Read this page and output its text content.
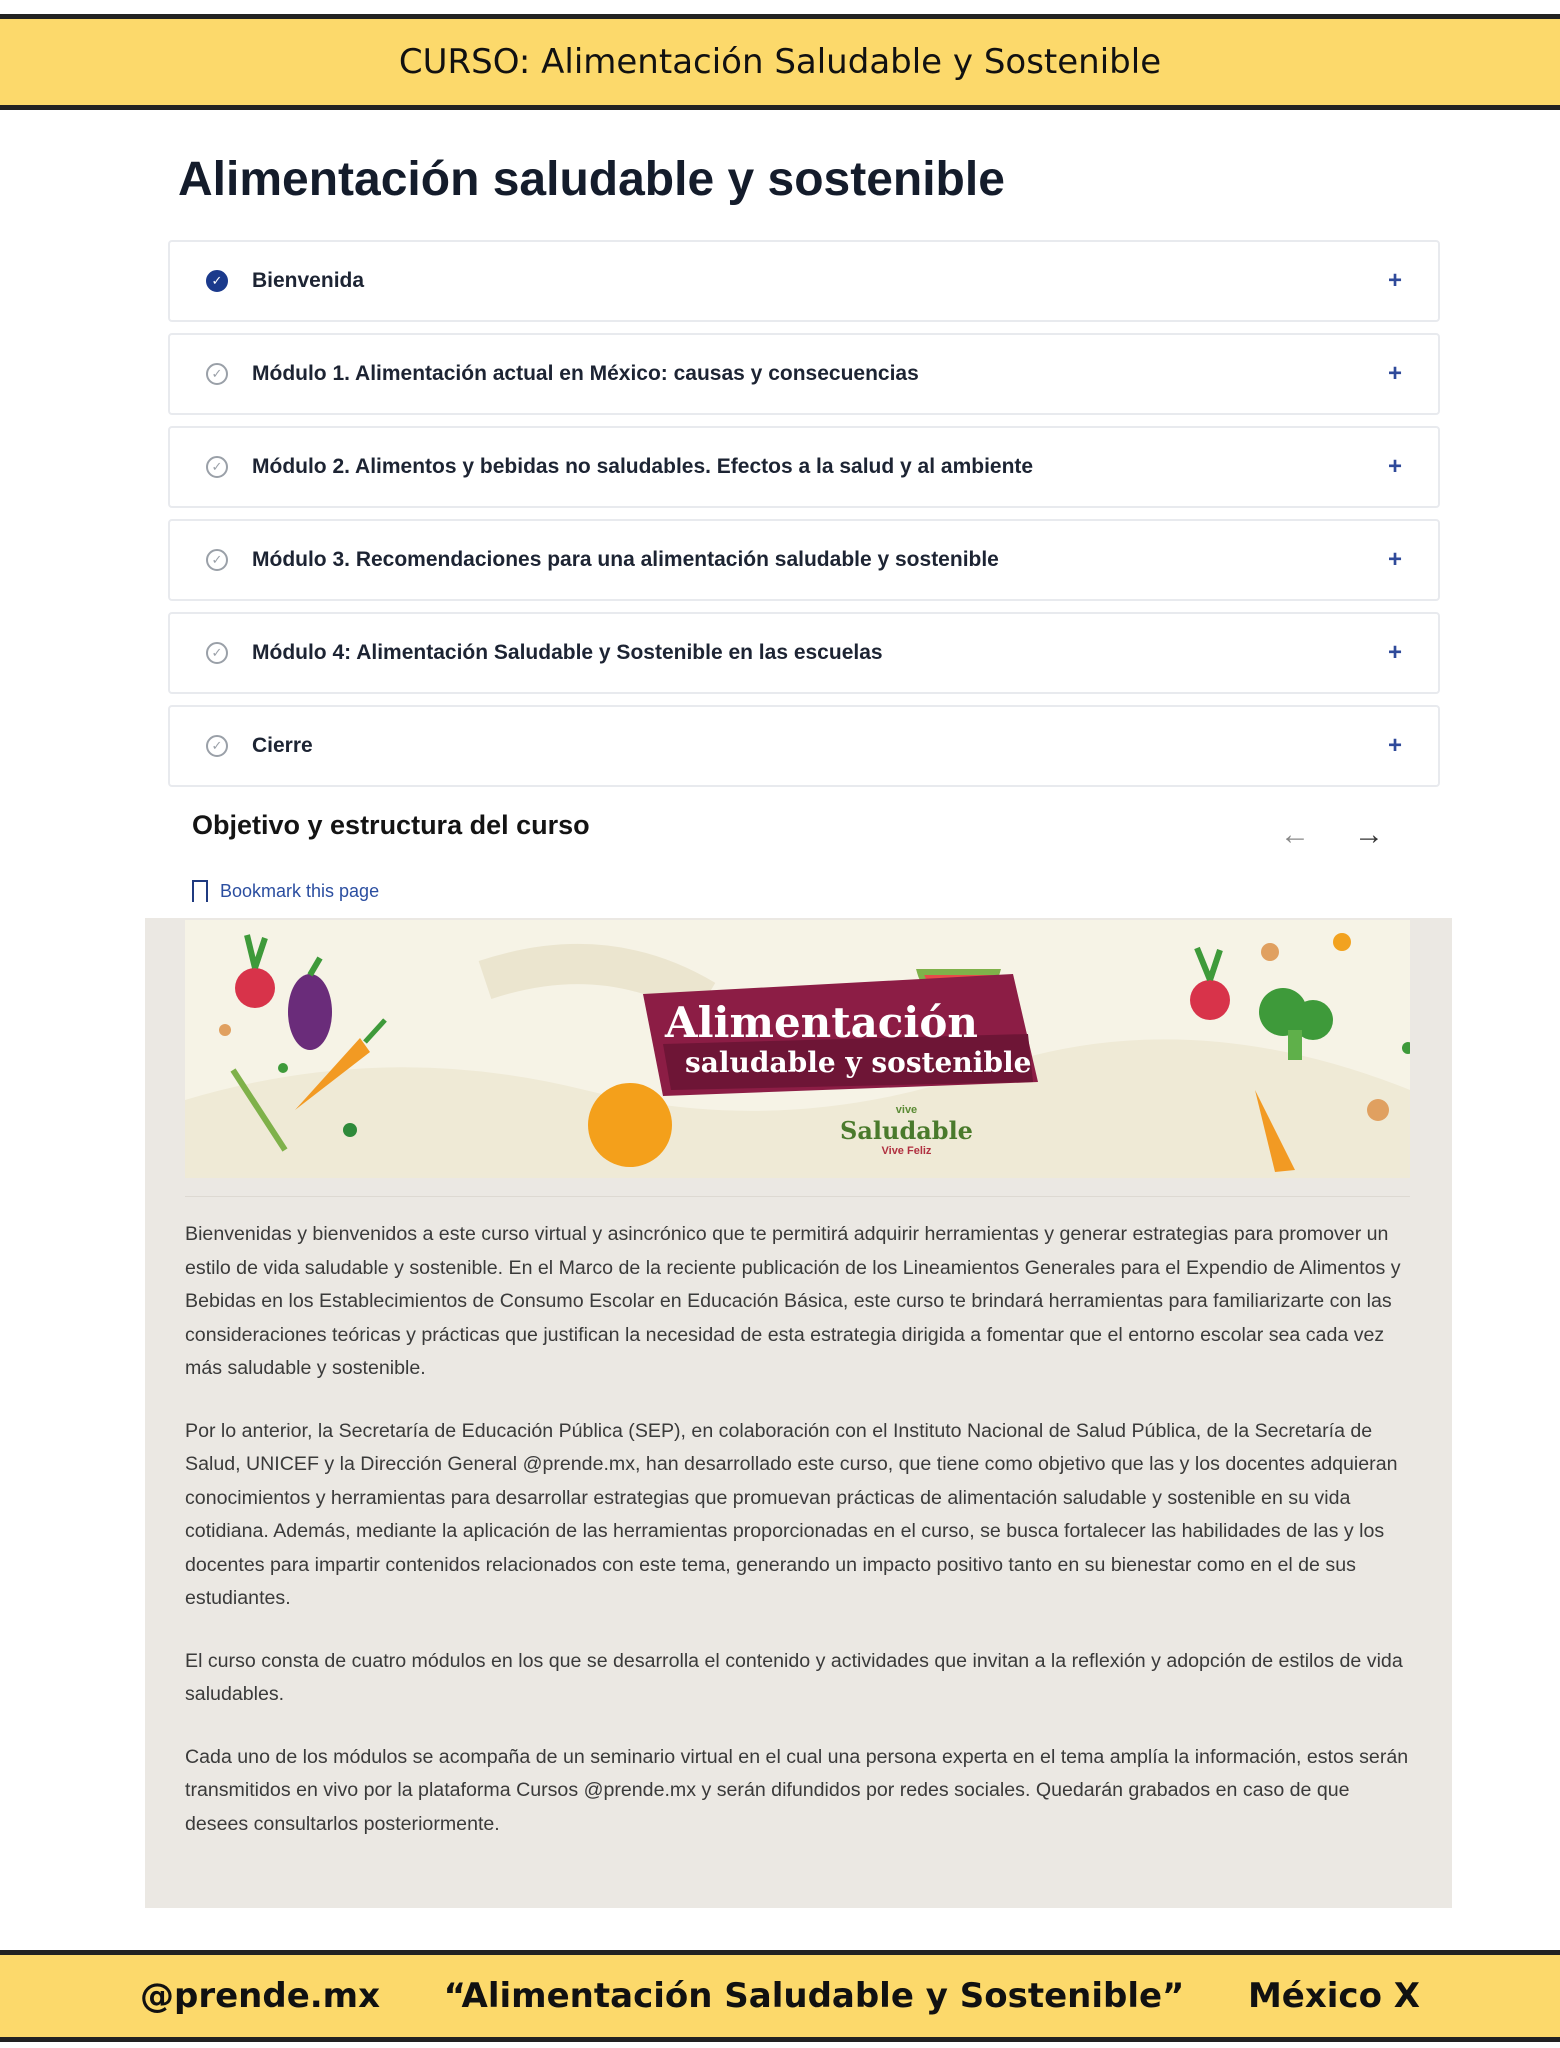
CURSO: Alimentación Saludable y Sostenible
Alimentación saludable y sostenible
✓ Bienvenida	+
✓ Módulo 1. Alimentación actual en México: causas y consecuencias	+
✓ Módulo 2. Alimentos y bebidas no saludables. Efectos a la salud y al ambiente	+
✓ Módulo 3. Recomendaciones para una alimentación saludable y sostenible	+
✓ Módulo 4: Alimentación Saludable y Sostenible en las escuelas	+
✓ Cierre	+
Objetivo y estructura del curso	← →
Bookmark this page
Alimentación
saludable y sostenible
vive
Saludable
Vive Feliz

Bienvenidas y bienvenidos a este curso virtual y asincrónico que te permitirá adquirir herramientas y generar estrategias para promover un estilo de vida saludable y sostenible. En el Marco de la reciente publicación de los Lineamientos Generales para el Expendio de Alimentos y Bebidas en los Establecimientos de Consumo Escolar en Educación Básica, este curso te brindará herramientas para familiarizarte con las consideraciones teóricas y prácticas que justifican la necesidad de esta estrategia dirigida a fomentar que el entorno escolar sea cada vez más saludable y sostenible.

Por lo anterior, la Secretaría de Educación Pública (SEP), en colaboración con el Instituto Nacional de Salud Pública, de la Secretaría de Salud, UNICEF y la Dirección General @prende.mx, han desarrollado este curso, que tiene como objetivo que las y los docentes adquieran conocimientos y herramientas para desarrollar estrategias que promuevan prácticas de alimentación saludable y sostenible en su vida cotidiana. Además, mediante la aplicación de las herramientas proporcionadas en el curso, se busca fortalecer las habilidades de las y los docentes para impartir contenidos relacionados con este tema, generando un impacto positivo tanto en su bienestar como en el de sus estudiantes.

El curso consta de cuatro módulos en los que se desarrolla el contenido y actividades que invitan a la reflexión y adopción de estilos de vida saludables.

Cada uno de los módulos se acompaña de un seminario virtual en el cual una persona experta en el tema amplía la información, estos serán transmitidos en vivo por la plataforma Cursos @prende.mx y serán difundidos por redes sociales. Quedarán grabados en caso de que desees consultarlos posteriormente.

@prende.mx “Alimentación Saludable y Sostenible” México X
